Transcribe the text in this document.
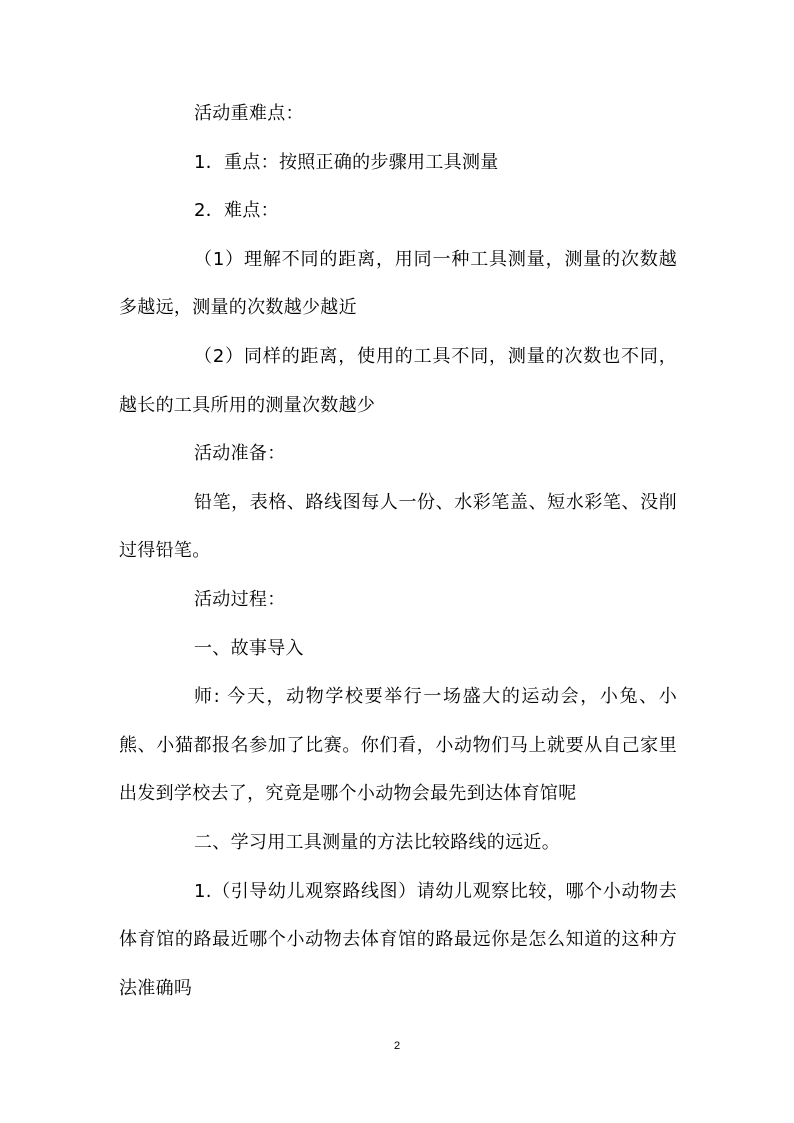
活动重难点：

1．重点：按照正确的步骤用工具测量

2．难点：

（1）理解不同的距离，用同一种工具测量，测量的次数越多越远，测量的次数越少越近

（2）同样的距离，使用的工具不同，测量的次数也不同，越长的工具所用的测量次数越少

活动准备：

铅笔，表格、路线图每人一份、水彩笔盖、短水彩笔、没削过得铅笔。

活动过程：

一、故事导入

师: 今天，动物学校要举行一场盛大的运动会，小兔、小熊、小猫都报名参加了比赛。你们看，小动物们马上就要从自己家里出发到学校去了，究竟是哪个小动物会最先到达体育馆呢

二、学习用工具测量的方法比较路线的远近。

1.（引导幼儿观察路线图）请幼儿观察比较，哪个小动物去体育馆的路最近哪个小动物去体育馆的路最远你是怎么知道的这种方法准确吗

2
